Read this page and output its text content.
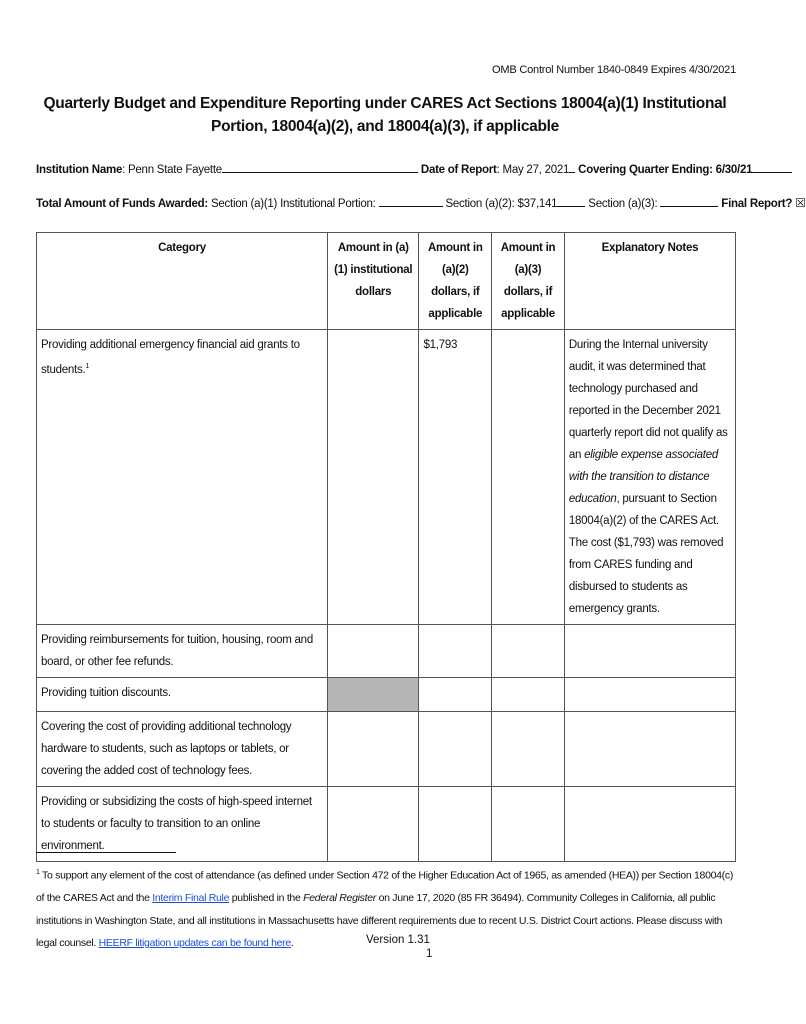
OMB Control Number 1840-0849 Expires 4/30/2021
Quarterly Budget and Expenditure Reporting under CARES Act Sections 18004(a)(1) Institutional Portion, 18004(a)(2), and 18004(a)(3), if applicable
Institution Name: Penn State Fayette	Date of Report: May 27, 2021 Covering Quarter Ending: 6/30/21
Total Amount of Funds Awarded: Section (a)(1) Institutional Portion:	Section (a)(2): $37,141 Section (a)(3):	Final Report? ☒
Category	Amount in (a)(1) institutional dollars	Amount in (a)(2) dollars, if applicable	Amount in (a)(3) dollars, if applicable	Explanatory Notes
Providing additional emergency financial aid grants to students.$^1$		$1,793		During the Internal university audit, it was determined that technology purchased and reported in the December 2021 quarterly report did not qualify as an eligible expense associated with the transition to distance education, pursuant to Section 18004(a)(2) of the CARES Act. The cost ($1,793) was removed from CARES funding and disbursed to students as emergency grants.
Providing reimbursements for tuition, housing, room and board, or other fee refunds.				
Providing tuition discounts.				
Covering the cost of providing additional technology hardware to students, such as laptops or tablets, or covering the added cost of technology fees.				
Providing or subsidizing the costs of high-speed internet to students or faculty to transition to an online environment.				
$^1$ To support any element of the cost of attendance (as defined under Section 472 of the Higher Education Act of 1965, as amended (HEA)) per Section 18004(c) of the CARES Act and the Interim Final Rule published in the Federal Register on June 17, 2020 (85 FR 36494). Community Colleges in California, all public institutions in Washington State, and all institutions in Massachusetts have different requirements due to recent U.S. District Court actions. Please discuss with legal counsel. HEERF litigation updates can be found here.	Version 1.31
1
